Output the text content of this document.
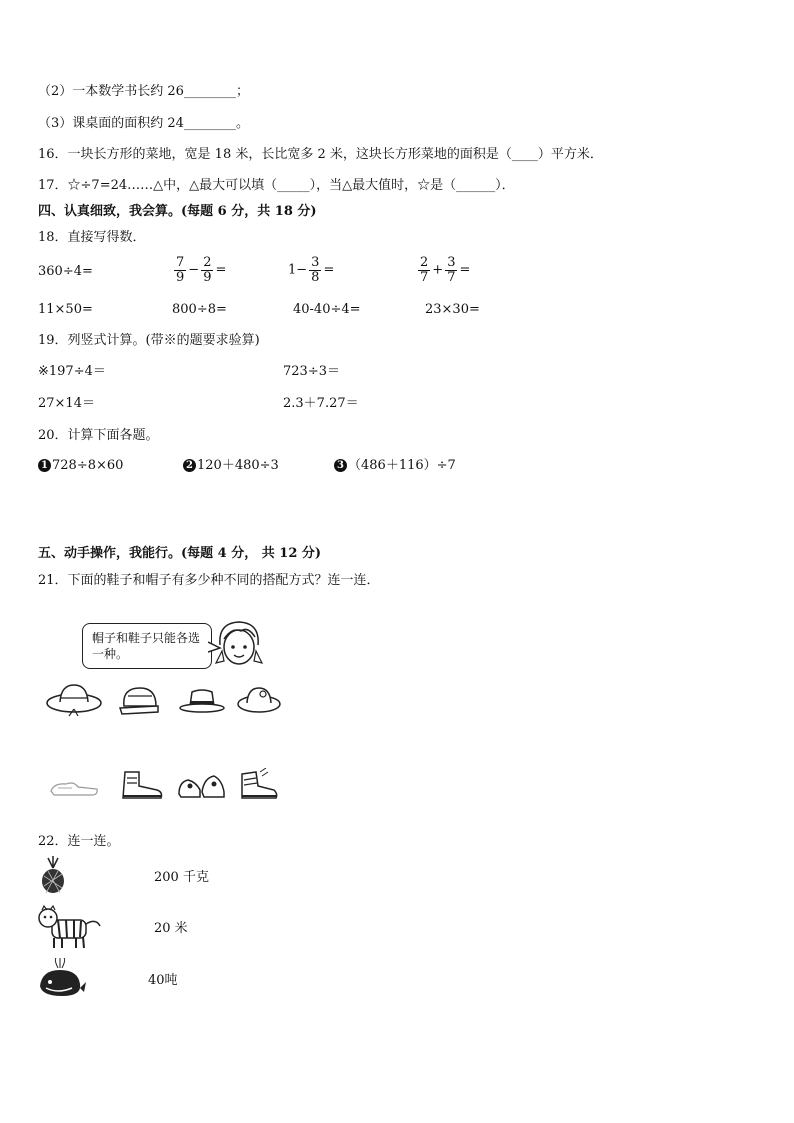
（2）一本数学书长约 26________；
（3）课桌面的面积约 24________。
16．一块长方形的菜地，宽是 18 米，长比宽多 2 米，这块长方形菜地的面积是（____）平方米．
17．☆÷7=24……△中，△最大可以填（_____），当△最大值时，☆是（______）．
四、认真细致，我会算。(每题 6 分，共 18 分)
18．直接写得数．
360÷4=	$\frac{7}{9} - \frac{2}{9}$ =	$1- \frac{3}{8}$ =	$\frac{2}{7} + \frac{3}{7}$ =
11×50=	800÷8=	40-40÷4=	23×30=
19．列竖式计算。(带※的题要求验算)
※197÷4＝	723÷3＝
27×14＝	2.3＋7.27＝
20．计算下面各题。
1 728÷8×60	2 120＋480÷3	3 （486＋116）÷7
五、动手操作，我能行。(每题 4 分， 共 12 分)
21．下面的鞋子和帽子有多少种不同的搭配方式？连一连．
帽子和鞋子只能各选一种。
22．连一连。
200 千克
20 米
40吨
